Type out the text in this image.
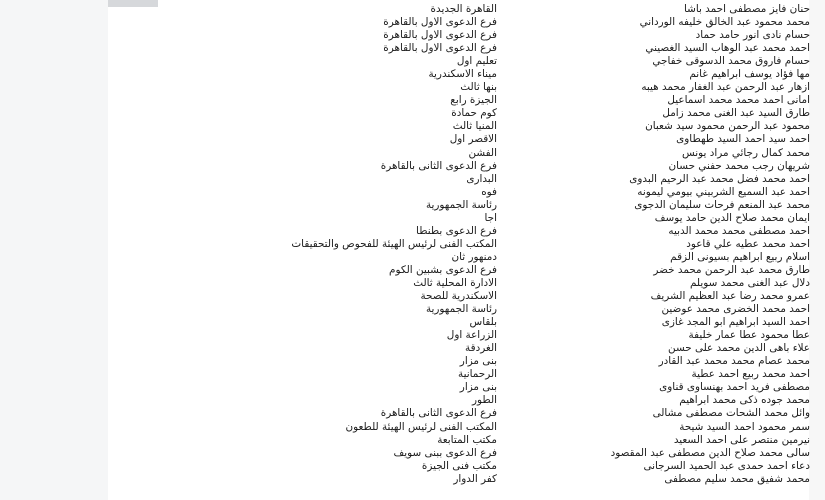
حنان فايز مصطفى احمد باشا
القاهرة الجديدة
محمد محمود عبد الخالق خليفه الورداني
فرع الدعوى الاول بالقاهرة
حسام نادى انور حامد حماد
فرع الدعوى الاول بالقاهرة
احمد محمد عبد الوهاب السيد الغصيني
فرع الدعوى الاول بالقاهرة
حسام فاروق محمد الدسوقى خفاجي
تعليم اول
مها فؤاد يوسف ابراهيم غانم
ميناء الاسكندرية
ازهار عبد الرحمن عبد الغفار محمد هيبه
بنها ثالث
امانى احمد محمد محمد اسماعيل
الجيزة رابع
طارق السيد عبد الغنى محمد زامل
كوم حمادة
محمود عبد الرحمن محمود سيد شعبان
المنيا ثالث
احمد سيد احمد السيد طهطاوى
الاقصر اول
محمد كمال رجائي مراد يونس
الفشن
شريهان رجب محمد حفني حسان
فرع الدعوى الثانى بالقاهرة
احمد محمد فضل محمد عبد الرحيم البدوى
البدارى
احمد عبد السميع الشربيني بيومي ليمونه
فوه
محمد عبد المنعم فرحات سليمان الدجوى
رئاسة الجمهورية
ايمان محمد صلاح الدين حامد يوسف
اجا
احمد مصطفى محمد محمد الدبيه
فرع الدعوى بطنطا
احمد محمد عطيه علي قاعود
المكتب الفنى لرئيس الهيئة للفحوص والتحقيقات
اسلام ربيع ابراهيم بسيونى الزقم
دمنهور ثان
طارق محمد عبد الرحمن محمد خضر
فرع الدعوى بشبين الكوم
دلال عبد الغنى محمد سويلم
الادارة المحلية ثالث
عمرو محمد رضا عبد العظيم الشريف
الاسكندرية للصحة
احمد محمد الخضرى محمد عوضين
رئاسة الجمهورية
احمد السيد ابراهيم ابو المجد غازى
بلقاس
عطا محمود عطا عمار خليفة
الزراعة اول
علاء باهى الدين محمد على حسن
الغردقة
محمد عصام محمد محمد عبد القادر
بنى مزار
احمد محمد ربيع احمد عطية
الرحمانية
مصطفى فريد احمد بهنساوى قناوى
بنى مزار
محمد جوده ذكى محمد ابراهيم
الطور
وائل محمد الشحات مصطفى مشالى
فرع الدعوى الثانى بالقاهرة
سمر محمود احمد السيد شيحة
المكتب الفنى لرئيس الهيئة للطعون
نيرمين منتصر على احمد السعيد
مكتب المتابعة
سالى محمد صلاح الدين مصطفى عبد المقصود
فرع الدعوى ببنى سويف
دعاء احمد حمدى عبد الحميد السرجانى
مكتب فنى الجيزة
محمد شفيق محمد سليم مصطفى
كفر الدوار
